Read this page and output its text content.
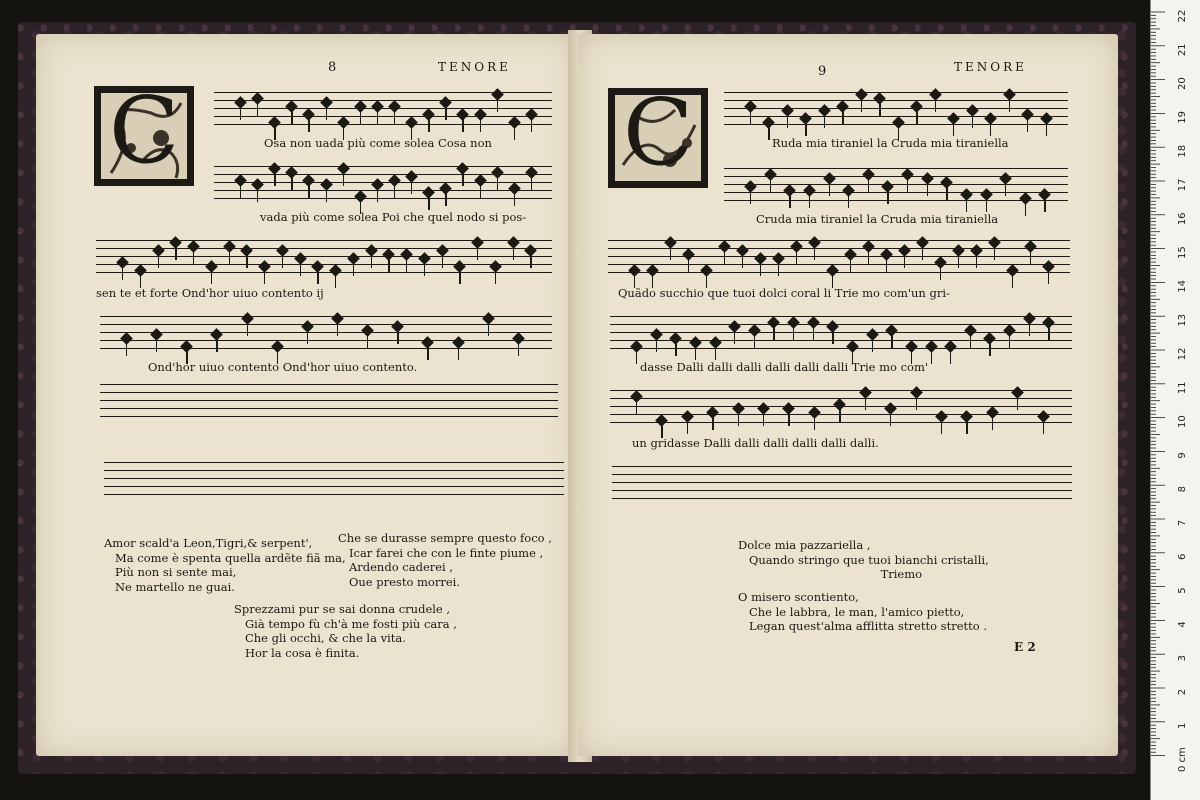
8	TENORE
C	Osa non uada più come solea Cosa non
vada più come solea Poi che quel nodo si pos-
sen te et forte Ond'hor uiuo contento ij
Ond'hor uiuo contento Ond'hor uiuo contento.
Amor scald'a Leon,Tigri,& serpent',
Ma come è spenta quella ardẽte fiã ma,
Più non si sente mai,
Ne martello ne guai.
Che se durasse sempre questo foco ,
Icar farei che con le finte piume ,
Ardendo caderei ,
Oue presto morrei.
Sprezzami pur se sai donna crudele ,
Già tempo fù ch'à me fosti più cara ,
Che gli occhi, & che la vita.
Hor la cosa è finita.
9	TENORE
C	Ruda mia tiraniel la Cruda mia tiraniella
Cruda mia tiraniel la Cruda mia tiraniella
Quãdo succhio que tuoi dolci coral li Trie mo com'un gri-
dasse Dalli dalli dalli dalli dalli dalli Trie mo com'
un gridasse Dalli dalli dalli dalli dalli dalli.
Dolce mia pazzariella ,
Quando stringo que tuoi bianchi cristalli,
Triemo
O misero scontiento,
Che le labbra, le man, l'amico pietto,
Legan quest'alma afflitta stretto stretto .
E 2
22
21
20
19
18
17
16
15
14
13
12
11
10
9
8
7
6
5
4
3
2
1
0 cm
